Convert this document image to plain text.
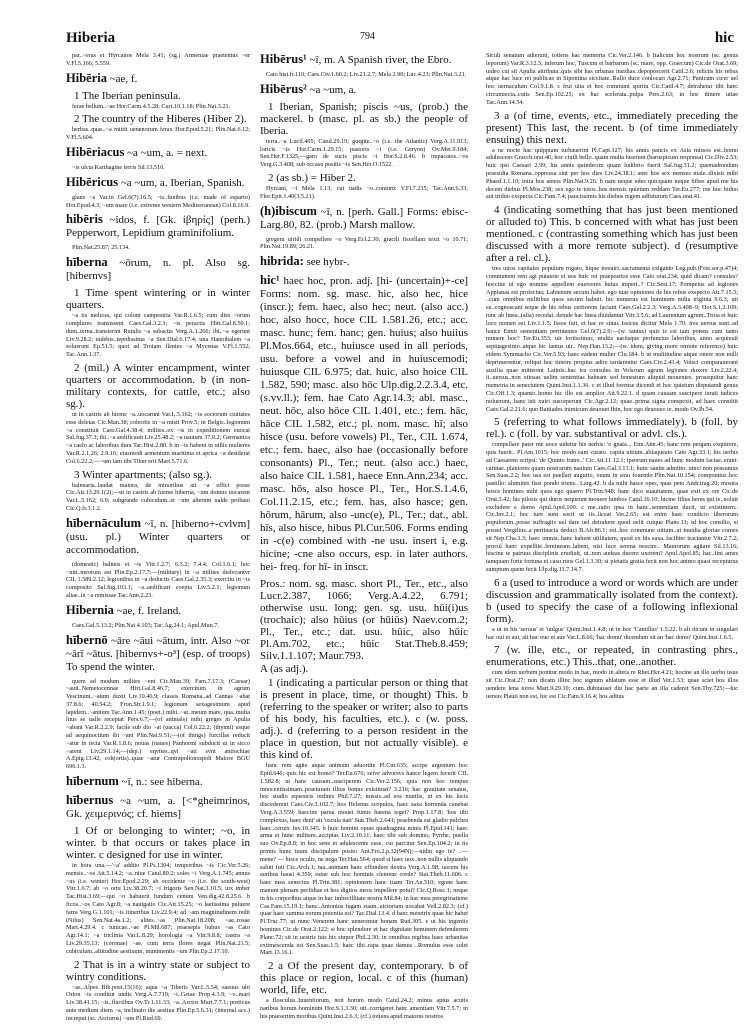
Hiberia	794	hic
par..~eras et Hyrcanos Mela 3.41; (sg.) Armeniae praetentus ~er V.Fl.5.166; 5.559.
Hibēria ~ae, f.
1 The Iberian peninsula.
ferae bellum..~ae Hor.Carm.4.5.28; Curt.10.1.18; Plin.Nat.3.21.
2 The country of the Hiberes (Hiber 2).
herbas..quas..~a mittit uenenorum ferax Hor.Epod.5.21; Plin.Nat.6.12; V.Fl.5.604.
Hibēriacus ~a ~um, a. = next.
~is ulcta Karthagine terris Sil.13.510.
Hibēricus ~a ~um, a. Iberian, Spanish.
glans ~a Var.in Gel.6(7).16.5; ~is..funibus (i.e. made of esparto) Hor.Epod.4.3; ~um mare (i.e. extreme western Mediterranean) Col.8.16.9.
hibēris ~idos, f. [Gk. ἰβηρίς] (perh.) Pepperwort, Lepidium graminifolium.
Plin.Nat.25.87; 25.134.
hīberna ~ōrum, n. pl. Also sg. [hibernvs]
1 Time spent wintering or in winter quarters.
~a iis meliora, qui colunt campestria Var.R.1.6.5; cum dies ~orum complures transissent Caes.Gal.3.2.1; ~is peractis Hirt.Gal.8.50.1; dum..terna..transierint Rutulis ~a subactis Verg.A.1.266; ibi..~a egerunt Liv.9.28.2; uidebis..tepidissima ~a Sen.Dial.6.17.4; una Hanoibalem ~a soluerunt Ep.51.5; quot ad Troiam flentes ~a Mycenas V.Fl.1.552; Tac.Ann.1.37.
2 (mil.) A winter encampment, winter quarters or accommodation. b (in non-military contexts, for cattle, etc.; also sg.).
ut in castris ab hieme ~a..uocarunt Var.L.5.162; ~is sociorum ciuitates esse deletas Cic.Man.38; cohortis in ~a misit Prov.5; in Belgis..legionum ~a constituit Caes.Gal.4.38.4; milites..ex ~is in expeditionem euocat Sal.Jug.37.3; ibi..~a aedificauit Liv.25.48.2; ~a nauium 37.9.2; Germanica ~a caelo ac laboribus dura Tac.Hist.2.80. b in ~is habent in uillis mulieres Var.R.2.1.26; 2.9.16; eiusmodi armentum maritima et aprica ~a desiderat Col.6.22.2;—~um iam tibi Tibur erit Mart.5.71.6.
3 Winter apartments; (also sg.).
balnearia..laudat maiora, de minoribus ait ~a effici posse Cic.Att.13.29.1(2);—ut in castris ab hieme hiberna, ~um domus uocarent Var.L.5.162; 6.9; subgrande cubiculum..et ~um alterum ualde probaui Cic.Q.fr.3.1.2.
hībernāculum ~ī, n. [hiberno+-cvlvm] (usu. pl.) Winter quarters or accommodation.
(domestic) balneis et ~is Vitr.1.2.7; 6.3.2; 7.4.4; Col.1.6.1; hoc ~um..meorum est Plin.Ep.2.17.7;—(military) in ~a milites dedvcantvr CIL 1.589.2.12; legionibus in ~a deductis Caes.Gal.2.35.3; exercitu in ~is composito Sal.Jug.103.1; ~a..aedificari coepta Liv.5.2.1; legionum aliae..in ~a remissae Tac.Ann.2.23.
Hibernia ~ae, f. Ireland.
Caes.Gal.5.13.2; Plin.Nat.4.103; Tac.Ag.24.1; Apul.Mun.7.
hībernō ~āre ~āui ~ātum, intr. Also ~or ~ārī ~ātus. [hibernvs+-o³] (esp. of troops) To spend the winter.
quem ad modum milites ~ent Cic.Man.39; Fam.7.17.3; (Caesar) ~auit..Nemetocennae Hirt.Gal.8.46.7; exercitum in agrum Vescinum..~atum duxit Liv.10.46.9; classis Romana..ad Cannas ~abat 37.8.6; 40.54.2; Fron.Str.1.9.1; legionum sexagesimum apud lapidem..~antium Tac.Ann.1.45; (poet.) mihi..~at..meum mare, qua..multa litus se ualle receptat Pers.6.7;—(of animals) mihi greges in Apulia ~abant Var.R.2.2.9; facile sub dio ~at (uacca) Col.6.22.2; (thynni) usque ad aequinoctium ibi ~ant Plin.Nat.9.51;—(of things) furcillas reducit ~atur in tecta Var.R.1.8.6; nouas (naues) Panhormi subducit ut in sicco ~arent Liv.29.1.14;—(dep.) eqvites..qvi ~ati svnt antiochiae A.Epig.13.42; coh(ortis)..quae ~atur Contrapolionospoli Maiore BGU 696.1.3.
hībernum ~ī, n.: see hiberna.
hībernus ~a ~um, a. [<*gheimrinos, Gk. χειμερινός; cf. hiems]
1 Of or belonging to winter; ~o, in winter. b that occurs or takes place in winter. c designed for use in winter.
in hora una.—'~a' addito Pl.Ps.1304; temporibus ~is Cic.Ver.5.26; mensis..~os Att.5.14.2; ~a..niue Catul.80.2; soles ~i Verg.A.1.745; annus ~us (i.e. winter) Hor.Epod.2.29; ab occidente ~o (i.e. the south-west) Vitr.1.6.7; ab ~o ortu Liv.38.20.7; ~i frigoris Sen.Nat.3.10.5; uix imber Tac.Hist.3.69;—qui ~o habuerit fundum cenum Ven.dig.42.8.25.6. b ficos..~os Cato Agr.8; ~a nauigatio Cic.Att.15.25; ~o laetissima puluere farra Verg.G.1.101; ~is itineribus Liv.22.9.4; ad ~am magnitudinem redit (Nilus) Sen.Nat.4a.1.2; alites..~as Plin.Nat.18.208; ~ae..rosae Mart.4.29.4. c tunicae..~ae Pl.Mil.687; praesepis bubus ~as Cato Agr.14.1; ~a triclinia Var.L.8.29; horologia ~a Vitr.9.8.8; castra ~a Liv.29.35.13; (coronae) ~ae, cum terra flores negat Plin.Nat.21.5; cubiculum..altitudine aestiuum, munimentis ~um Plin.Ep.2.17.10.
2 That is in a wintry state or subject to wintry conditions.
~as..Alpes Bib.poet.15(16); aqua ~a Tiberis Var.L.5.54; saeuus ubi Orion ~is conditur undis Verg.A.7.719; ~i..Getae Prop.4.3.9; ~o..mari Liv.38.41.15; ~is..fluctibus Ov.Tr.1.11.33; ~a..Arctos Mart.7.7.1; porticus ante medium diem ~a, inclinato die aestiua Plin.Ep.5.6.31; (internal acc.) increpui (sc. Arcturus) ~um Pl.Rud.69.
Hibērus¹ ~ī, m. A Spanish river, the Ebro.
Cato hist.fr.110; Caes.Civ.1.60.2; Liv.21.2.7; Mela 2.90; Luc.4.23; Plin.Nat.3.21.
Hibērus² ~a ~um, a.
1 Iberian, Spanish; piscis ~us, (prob.) the mackerel. b (masc. pl. as sb.) the people of Iberia.
terra..~a Lucil.405; Catul.29.19; gurgite..~o (i.e. the Atlantic) Verg.A.11.913; loricis ~is Hor.Carm.1.29.15; pastoris ~i (i.e. Geryon) Ov.Met.9.184; Sen.Her.F.1325;—garo de sucis piscis ~i Hor.S.2.8.46. b impacatos..~os Verg.G.3.408; sub occasu positis ~is Sen.Her.O.1522.
2 (as sb.) = Hiber 2.
Hyrcani, ~i Mela 1.13; cui uadis ~o..coniunx V.Fl.7.235; Tac.Ann.6.33; Flor.Epit.1.40(3.5.21).
(h)ibiscum ~ī, n. [perh. Gall.] Forms: ebisc- Larg.80, 82. (prob.) Marsh mallow.
gregem uiridi compellere ~o Verg.Ecl.2.30; gracili fiscellam texit ~o 10.71; Plin.Nat.19.89; 26.21.
hibrida: see hybr-.
hic¹ haec hoc, pron. adj. [hi- (uncertain)+-ce] Forms: nom. sg. masc. hic, also hec, hice (inscr.); fem. haec, also hec; neut. (also acc.) hoc, also hocc, hoce CIL 1.581.26, etc.; acc. masc. hunc; fem. hanc; gen. huius; also huiius Pl.Mos.664, etc., huiusce used in all periods, usu. before a vowel and in huiuscemodi; huiusque CIL 6.975; dat. huic, also hoice CIL 1.582, 590; masc. also hōc Ulp.dig.2.2.3.4, etc. (s.vv.ll.); fem. hae Cato Agr.14.3; abl. masc., neut. hōc, also hōce CIL 1.401, etc.; fem. hāc, hāce CIL 1.582, etc.; pl. nom. masc. hī; also hisce (usu. before vowels) Pl., Ter., CIL 1.674, etc.; fem. haec, also hae (occasionally before consonants) Pl., Ter.; neut. (also acc.) haec, also haice CIL 1.581, haece Enn.Ann.234; acc. masc. hōs, also hosce Pl., Ter., Hor.S.1.4.6, Col.11.2.15, etc.; fem. has, also hasce; gen. hōrum, hārum, also -unc(e), Pl., Ter.; dat., abl. hīs, also hisce, hibus Pl.Cur.506. Forms ending in -c(e) combined with -ne usu. insert i, e.g. hicine; -cne also occurs, esp. in later authors. hei- freq. for hī- in inscr.
Pros.: nom. sg. masc. short Pl., Ter., etc., also Lucr.2.387, 1066; Verg.A.4.22, 6.791; otherwise usu. long; gen. sg. usu. hūi(i)us (trochaic); also hūius (or hūiūs) Naev.com.2; Pl., Ter., etc.; dat. usu. hūic, also hūic Pl.Am.702, etc.; hūic Stat.Theb.8.459; Silv.1.1.107; Maur.793.
A (as adj.).
1 (indicating a particular person or thing that is present in place, time, or thought) This. b (referring to the speaker or writer; also to parts of his body, his faculties, etc.). c (w. poss. adj.). d (referring to a person resident in the place in question, but not actually visible). e this kind of.
hanc rem agite atque animum aduortite Pl.Cur.635; accipe argentum hoc Epid.646; quis hic est homo? Ter.Eu.676; seive advorsvs hance legem fecerit CIL 1.582.8; ut hanc causam..susciperem Cic.Ver.2.156; quis non hoc tempus innocentissimam..praeturam illius bonus existimat? 3.216; hac grauitate senatus, hoc studio equestris ordinis Phil.7.27; missis..ad eos nuntiis, ut ex his locis discederent Caes.Civ.3.102.7; hos Helenus scopulos, haec saxa horrenda canebat Verg.A.3.559; haecine parua mouet funus harena teget? Prop.1.17.8; 'hos tibi complexus, haec dent' ait 'oscula nati' Stat.Theb.2.641; praebenda est gladio pulchra haec..ceruix Juv.10.345. b huic homini opust quadraginta minis Pl.Epid.141; haec arma et hunc militem..accipias Liv.2.10.11; haec tibi sub domino, Pyrrhe, puella suo Ov.Ep.8.8; in hoc sene et adulescente esse, cui parcitur Sen.Ep.104.2; in iis primis hunc tuum discipulum posito Ant.Fro.2.p.32(94N);—uidin ego te? ..— mene? — hisce oculis, ne nega Ter.Hau.564; quod si haec uox..non nullis aliquando saluti fuit Cic.Arch.1; tua..animam hanc effundere dextra Verg.A.1.98; uocem his auribus hausi 4.359; estne sub hoc hominis clemens corde? Stat.Theb.11.606. c haec mea senectus Pl.Trin.381; opinionem hanc tuam Ter.An.510; egone hanc manum plenam perfidiae et hos digitos meos impellere potui? Cic.Q.Rosc.1; neque in his corporibus atque in hac imbecillitate nostra Mil.84; in hac mea peregrinatione Cas.Fam.15.19.1; hanc..Antonius fugam suam..uictoriam uocabat Vell.2.82.3; (cf.) quae haec summa eorum potentia est? Tac.Dial.13.4. d haec meretrix quae hic habet Pl.Truc.77; ut nunc Venerem hanc ueneremur bonam Rud.305. e ut his ingeniis homines Cic.de Orat.2.122; si hoc splendore et hac dignitate hominem defenderem Planc.72; sit in uestris tuis hic stupor Phil.2.30; in omnibus regibus haec urbanitas extimescenda est Sen.Suas.1.5; haec tibi..rapa quae damus ..Romulus esse solet Mart.13.16.1.
2 a Of the present day, contemporary. b of this place or region, local. c of this (human) world, life, etc.
a flosculus..Iuuentiorum, non horum modo Catul.24.2; minus aptus acutis naribus horum hominum Hor.S.1.3.30; uti..corrigeret hanc amentiam Vitr.7.5.7; in his praesertim moribus Quint.Inst.2.6.3; (cf.) totiens apud maiores nostros
Siculi senatum adierunt, totiens hac memoria Cic.Ver.2.146. b Italicum hoc nostrum (sc. genus leporum) Var.R.3.12.5; inferum hoc, Tuscum et barbarum (sc. mare, opp. Graecum) Cic.de Orat.3.69; uideo cui sit Apulia attributa..quis sibi has urbanas insidias..depoposcerit Catil.2.6; relictis his rebus atque hac luce rei publicae in Sipontina siccitate..Rullo duce conlocari Agr.2.71; Punicum cicer uel hoc uernaculum Col.9.1.8. c frui uita et hoc communi spiritu Cic.Catil.4.7; detrahetur tibi haec circumiecta..cutis Sen.Ep.102.25; ex hac scelerata..pulpa Pers.2.63; in hoc itinere uitae Tac.Ann.14.54.
3 a (of time, events, etc., immediately preceding the present) This last, the recent. b (of time immediately ensuing) this next.
a ne nocte hac quippiam turbauerint Pl.Capt.127; his annis paucis ex Asia missos est..homo adulescens Gracch.orat.46; hoc ciuili bello..quam multa luserunt (haruspicum responsa) Cic.Div.2.53; huic ipsi Caesari 2.99; his annis quindecim quam ludibrio fuerit Sal.Jug.31.2; quemadmodum praesidia Romana..oppressa sint per hos dies Liv.24.38.1; ante hos sex menses male..dixisti mihi Phaed.1.1.10; intra hos annos Plin.Nat.9.26. b nam neque edes quicquam neque bibes apud me his decem diebus Pl.Mos.238; sex ego te totos..hos mensis quietum reddam Ter.Eu.277; me hoc biduo aut triduo exspecta Cic.Fam.7.4; paucissimis his diebus regem adfuturum Caes.orat.41.
4 (indicating something that has just been mentioned or alluded to) This. b concerned with what has just been mentioned. c (contrasting something which has just been discussed with a more remote subject). d (resumptive after a rel. cl.).
tres uiros capitales populum rogato, hique tresuiri..sacramenta exiganto Leg.pub.(Fest.sor.p.47)4; communem rem agi putatote et uos huic rei praepositos esse Cato orat.234; quid dicam? consules? hoccine ut ego nomine appellem euersores huius imperi..? Cic.Sest.17; Pompeius ad legiones Appianas est profectus; Labienum secum habet. ego tuas opiniones de his rebus exspecto Att.7.15.3; ..cum omnibus militibus quos secum habuit. hic numerus est hominum milia triginta 9.6.3; uti ea..cognoscant seque de his rebus certiorem faciant Caes.Gal.2.2.3; Verg.A.3.408–9; Hor.S.1.2.109; tunc ab linea..(alia) recedat..deinde hac linea diuidantur Vitr.3.5.6; ad Laurentum agrum..Troia et huic loco nomen est Liv.1.1.5; Issos fuit, et hac re sinus Issicus dicitur Mela 1.70; tres uersus sunt..ad hance Ennii sententiam pertinentes Gel.6(7).2.9;—(w. tantus) quis is est tam potens cum tanto munere hoc? Ter.Eu.353; uir fortissimus, multis uariisque perfunctus laboribus, anno acquieuit septuagesimo..atque hic tantus uir.. Nep.Han.13.2;—(w. idem, giving more remote reference) huic eidem Symmacho Cic.Ver.5.93; haec eadem mulier Clu.184. b ut multitudine atque onere non nulli deprimerentur, reliqui hoc timore propius adire tardarentur Caes.Civ.2.43.4; Volsci comparauerant auxilia quae mitterent Latinis..hac ira consules in Volscum agrum legiones duxere Liv.2.22.4; ii..uersus..non otiosas uelim sententias habeant sed honestum aliquid monentes. prosequitur haec memoria in senectutem Quint.Inst.1.1.36. c et illud forense dicendi et hoc quietum disputandi genus Cic.Off.1.3; quanto..homo hic illo est amplior Att.9.22.1. d quam causam suscipere iurati iudices noluerunt, hanc isti xuiri susceperunt Cic.Agr.2.12; quae..prima signa conspexit, ad haec constitit Caes.Gal.2.21.6; quo Battiades inimicum deuouet Ibin, hoc ego deuoueo te..modo Ov.Ib.54.
5 (referring to what follows immediately). b (foll. by rel.). c (foll. by var. substantival or advl. cls.).
compellare pater me uoce uidetur his uerbis: 'o gnata.., Enn.Ann.45; hanc rem pergam exquirere, quis fuerit.. Pl.Am.1015; hoc modo eam curato. capita uitium..ablaqueato Cato Agr.33.1; his uerbis ad Caesarem scripsi: 'de Quinto fratre..' Cic.Att.11.12.1; ipsorum naues ad hunc modum factae..erant: carinae..planiores quam nostrarum nauium Caes.Gal.3.13.1; hunc sanite admitto: uinci non possumus Sen.Suas.2.2; hoc usa est puellari augurio, ouum in sinu fouendo Plin.Nat.10.154; componitur..hoc pastillo: aluminis fissi pondo triens.. Larg.42. b da mihi hasce opes, quas peto Andr.trag.20; mostra hosce homines mihi quos ego quaero Pl.Trin.948; hanc dico suauitatem, quae exit ex ore Cic.de Orat.3.42; his pilosis qui duros nequeunt mouere lumbos Catul.16.10; hicine filius heres qui te..noluit excludere e domo Apul.Apol.100. c me..ratio ipsa in hanc..sententiam ducit, ut existimem.. Cic.Inv.2.1; hoc iure sunt socii ut iis..liceat Ver.2.65; est enim haec condicio liberorum populorum..posse suffragiis uel dare uel detrahere quod uelit cuique Planc.11; id hoc consilio, si posset Vergilius..a pertinacia deduci B.Afr.86.1; est..hoc commune uitium..ut inuidia gloriae comes sit Nep.Cha.3.3; haec omnia..hanc habent utilitatem, quod ex his saxa..faciliter tractantur Vitr.2.7.2; procul hanc expellite..femineam..labem, nisi luce serena nescire.. Maurorum agitare Sil.13.16; hiscine te patruus disciplinis erudiuit, ut..non audeas ducere uxorem? Apul.Apol.85; hac..fini ames tamquam forte fortuna et casu ruos Gel.1.3.30; si pietatis gratia fecit non hoc animo quasi recepturus sumptum quem fecit Ulp.dig.11.7.14.7.
6 a (used to introduce a word or words which are under discussion and grammatically isolated from the context). b (used to specify the case of a following inflexional form).
a ut in his 'seruus' et 'uulgus' Quint.Inst.1.4.8; ut in hoc 'Camillus' 1.5.22. b ali dicunt in singulari hac oui et aui, ali hac oue et aue Var.L.8.66; 'hac domu' dicendum sit an 'hac domo' Quint.Inst.1.6.5.
7 (w. ille, etc., or repeated, in contrasting phrs., enumerations, etc.) This..that, one..another.
cum idem uerbum ponitur modo in hac, modo in altera re Rhet.Her.4.21; hocine an illo uerbo usus sit Cic.Orat.27; non dicam illinc hoc signum ablatum esse et illud Ver.1.53; quae sciet hos illos uendere lena toros Mart.9.29.10; cum..dubitasset diu hac parte an illa caderet Sen.Thy.725;—hic uersus Plauti non est, hic est Cic.Fam.9.16.4; hos aditus
